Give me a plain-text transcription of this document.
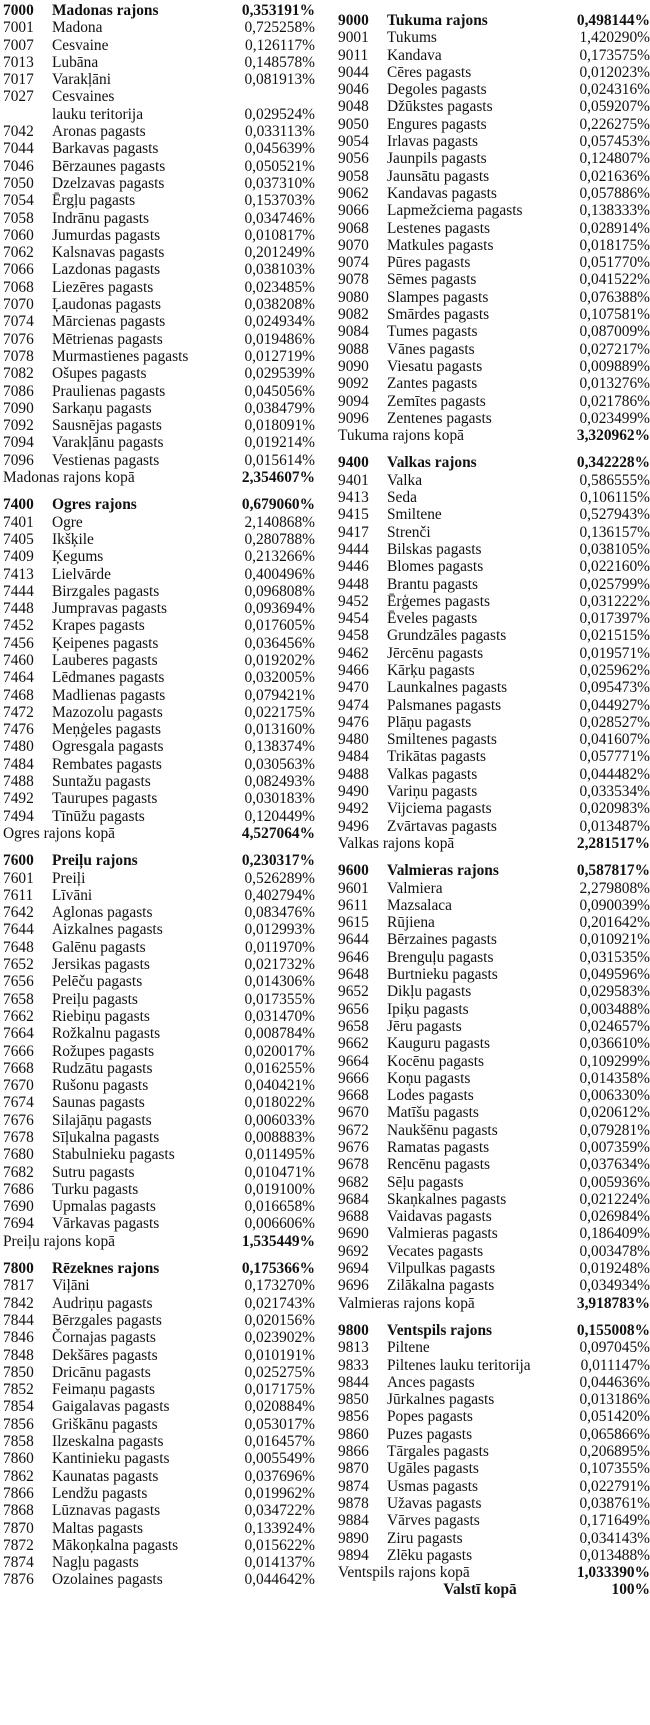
7000	Madonas rajons	0,353191%
7001	Madona	0,725258%
7007	Cesvaine	0,126117%
7013	Lubāna	0,148578%
7017	Varakļāni	0,081913%
7027	Cesvaines
lauku teritorija	0,029524%
7042	Aronas pagasts	0,033113%
7044	Barkavas pagasts	0,045639%
7046	Bērzaunes pagasts	0,050521%
7050	Dzelzavas pagasts	0,037310%
7054	Ērgļu pagasts	0,153703%
7058	Indrānu pagasts	0,034746%
7060	Jumurdas pagasts	0,010817%
7062	Kalsnavas pagasts	0,201249%
7066	Lazdonas pagasts	0,038103%
7068	Liezēres pagasts	0,023485%
7070	Ļaudonas pagasts	0,038208%
7074	Mārcienas pagasts	0,024934%
7076	Mētrienas pagasts	0,019486%
7078	Murmastienes pagasts	0,012719%
7082	Ošupes pagasts	0,029539%
7086	Praulienas pagasts	0,045056%
7090	Sarkaņu pagasts	0,038479%
7092	Sausnējas pagasts	0,018091%
7094	Varakļānu pagasts	0,019214%
7096	Vestienas pagasts	0,015614%
Madonas rajons kopā	2,354607%
7400	Ogres rajons	0,679060%
7401	Ogre	2,140868%
7405	Ikšķile	0,280788%
7409	Ķegums	0,213266%
7413	Lielvārde	0,400496%
7444	Birzgales pagasts	0,096808%
7448	Jumpravas pagasts	0,093694%
7452	Krapes pagasts	0,017605%
7456	Ķeipenes pagasts	0,036456%
7460	Lauberes pagasts	0,019202%
7464	Lēdmanes pagasts	0,032005%
7468	Madlienas pagasts	0,079421%
7472	Mazozolu pagasts	0,022175%
7476	Meņģeles pagasts	0,013160%
7480	Ogresgala pagasts	0,138374%
7484	Rembates pagasts	0,030563%
7488	Suntažu pagasts	0,082493%
7492	Taurupes pagasts	0,030183%
7494	Tīnūžu pagasts	0,120449%
Ogres rajons kopā	4,527064%
7600	Preiļu rajons	0,230317%
7601	Preiļi	0,526289%
7611	Līvāni	0,402794%
7642	Aglonas pagasts	0,083476%
7644	Aizkalnes pagasts	0,012993%
7648	Galēnu pagasts	0,011970%
7652	Jersikas pagasts	0,021732%
7656	Pelēču pagasts	0,014306%
7658	Preiļu pagasts	0,017355%
7662	Riebiņu pagasts	0,031470%
7664	Rožkalnu pagasts	0,008784%
7666	Rožupes pagasts	0,020017%
7668	Rudzātu pagasts	0,016255%
7670	Rušonu pagasts	0,040421%
7674	Saunas pagasts	0,018022%
7676	Silajāņu pagasts	0,006033%
7678	Sīļukalna pagasts	0,008883%
7680	Stabulnieku pagasts	0,011495%
7682	Sutru pagasts	0,010471%
7686	Turku pagasts	0,019100%
7690	Upmalas pagasts	0,016658%
7694	Vārkavas pagasts	0,006606%
Preiļu rajons kopā	1,535449%
7800	Rēzeknes rajons	0,175366%
7817	Viļāni	0,173270%
7842	Audriņu pagasts	0,021743%
7844	Bērzgales pagasts	0,020156%
7846	Čornajas pagasts	0,023902%
7848	Dekšāres pagasts	0,010191%
7850	Dricānu pagasts	0,025275%
7852	Feimaņu pagasts	0,017175%
7854	Gaigalavas pagasts	0,020884%
7856	Griškānu pagasts	0,053017%
7858	Ilzeskalna pagasts	0,016457%
7860	Kantinieku pagasts	0,005549%
7862	Kaunatas pagasts	0,037696%
7866	Lendžu pagasts	0,019962%
7868	Lūznavas pagasts	0,034722%
7870	Maltas pagasts	0,133924%
7872	Mākoņkalna pagasts	0,015622%
7874	Nagļu pagasts	0,014137%
7876	Ozolaines pagasts	0,044642%
9000	Tukuma rajons	0,498144%
9001	Tukums	1,420290%
9011	Kandava	0,173575%
9044	Cēres pagasts	0,012023%
9046	Degoles pagasts	0,024316%
9048	Džūkstes pagasts	0,059207%
9050	Engures pagasts	0,226275%
9054	Irlavas pagasts	0,057453%
9056	Jaunpils pagasts	0,124807%
9058	Jaunsātu pagasts	0,021636%
9062	Kandavas pagasts	0,057886%
9066	Lapmežciema pagasts	0,138333%
9068	Lestenes pagasts	0,028914%
9070	Matkules pagasts	0,018175%
9074	Pūres pagasts	0,051770%
9078	Sēmes pagasts	0,041522%
9080	Slampes pagasts	0,076388%
9082	Smārdes pagasts	0,107581%
9084	Tumes pagasts	0,087009%
9088	Vānes pagasts	0,027217%
9090	Viesatu pagasts	0,009889%
9092	Zantes pagasts	0,013276%
9094	Zemītes pagasts	0,021786%
9096	Zentenes pagasts	0,023499%
Tukuma rajons kopā	3,320962%
9400	Valkas rajons	0,342228%
9401	Valka	0,586555%
9413	Seda	0,106115%
9415	Smiltene	0,527943%
9417	Strenči	0,136157%
9444	Bilskas pagasts	0,038105%
9446	Blomes pagasts	0,022160%
9448	Brantu pagasts	0,025799%
9452	Ērģemes pagasts	0,031222%
9454	Ēveles pagasts	0,017397%
9458	Grundzāles pagasts	0,021515%
9462	Jērcēnu pagasts	0,019571%
9466	Kārķu pagasts	0,025962%
9470	Launkalnes pagasts	0,095473%
9474	Palsmanes pagasts	0,044927%
9476	Plāņu pagasts	0,028527%
9480	Smiltenes pagasts	0,041607%
9484	Trikātas pagasts	0,057771%
9488	Valkas pagasts	0,044482%
9490	Variņu pagasts	0,033534%
9492	Vijciema pagasts	0,020983%
9496	Zvārtavas pagasts	0,013487%
Valkas rajons kopā	2,281517%
9600	Valmieras rajons	0,587817%
9601	Valmiera	2,279808%
9611	Mazsalaca	0,090039%
9615	Rūjiena	0,201642%
9644	Bērzaines pagasts	0,010921%
9646	Brenguļu pagasts	0,031535%
9648	Burtnieku pagasts	0,049596%
9652	Dikļu pagasts	0,029583%
9656	Ipiķu pagasts	0,003488%
9658	Jēru pagasts	0,024657%
9662	Kauguru pagasts	0,036610%
9664	Kocēnu pagasts	0,109299%
9666	Koņu pagasts	0,014358%
9668	Lodes pagasts	0,006330%
9670	Matīšu pagasts	0,020612%
9672	Naukšēnu pagasts	0,079281%
9676	Ramatas pagasts	0,007359%
9678	Rencēnu pagasts	0,037634%
9682	Sēļu pagasts	0,005936%
9684	Skaņkalnes pagasts	0,021224%
9688	Vaidavas pagasts	0,026984%
9690	Valmieras pagasts	0,186409%
9692	Vecates pagasts	0,003478%
9694	Vilpulkas pagasts	0,019248%
9696	Zilākalna pagasts	0,034934%
Valmieras rajons kopā	3,918783%
9800	Ventspils rajons	0,155008%
9813	Piltene	0,097045%
9833	Piltenes lauku teritorija	0,011147%
9844	Ances pagasts	0,044636%
9850	Jūrkalnes pagasts	0,013186%
9856	Popes pagasts	0,051420%
9860	Puzes pagasts	0,065866%
9866	Tārgales pagasts	0,206895%
9870	Ugāles pagasts	0,107355%
9874	Usmas pagasts	0,022791%
9878	Užavas pagasts	0,038761%
9884	Vārves pagasts	0,171649%
9890	Ziru pagasts	0,034143%
9894	Zlēku pagasts	0,013488%
Ventspils rajons kopā	1,033390%
Valstī kopā	100%
